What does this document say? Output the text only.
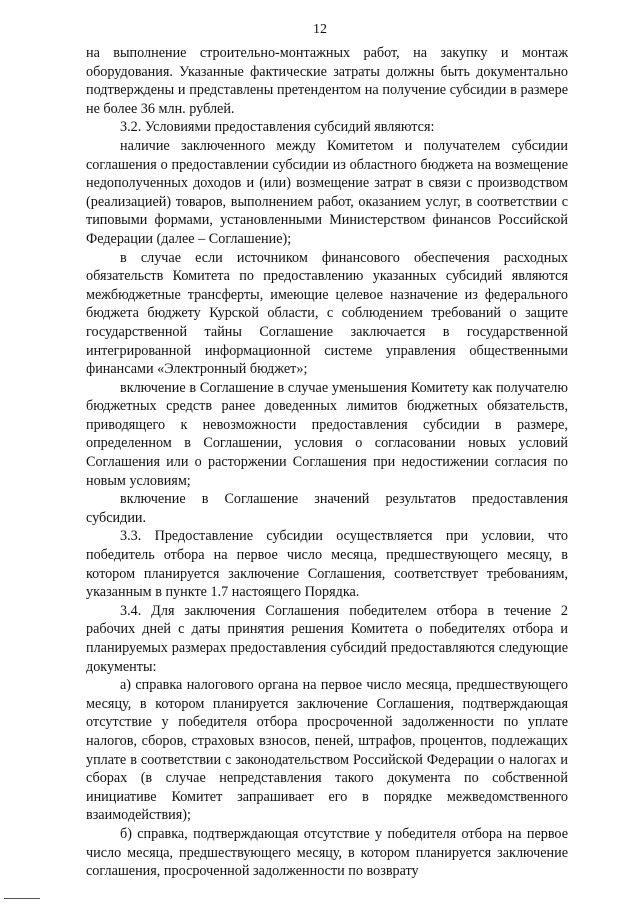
12

на выполнение строительно-монтажных работ, на закупку и монтаж оборудования. Указанные фактические затраты должны быть документально подтверждены и представлены претендентом на получение субсидии в размере не более 36 млн. рублей.

3.2. Условиями предоставления субсидий являются:

наличие заключенного между Комитетом и получателем субсидии соглашения о предоставлении субсидии из областного бюджета на возмещение недополученных доходов и (или) возмещение затрат в связи с производством (реализацией) товаров, выполнением работ, оказанием услуг, в соответствии с типовыми формами, установленными Министерством финансов Российской Федерации (далее – Соглашение);

в случае если источником финансового обеспечения расходных обязательств Комитета по предоставлению указанных субсидий являются межбюджетные трансферты, имеющие целевое назначение из федерального бюджета бюджету Курской области, с соблюдением требований о защите государственной тайны Соглашение заключается в государственной интегрированной информационной системе управления общественными финансами «Электронный бюджет»;

включение в Соглашение в случае уменьшения Комитету как получателю бюджетных средств ранее доведенных лимитов бюджетных обязательств, приводящего к невозможности предоставления субсидии в размере, определенном в Соглашении, условия о согласовании новых условий Соглашения или о расторжении Соглашения при недостижении согласия по новым условиям;

включение в Соглашение значений результатов предоставления субсидии.

3.3. Предоставление субсидии осуществляется при условии, что победитель отбора на первое число месяца, предшествующего месяцу, в котором планируется заключение Соглашения, соответствует требованиям, указанным в пункте 1.7 настоящего Порядка.

3.4. Для заключения Соглашения победителем отбора в течение 2 рабочих дней с даты принятия решения Комитета о победителях отбора и планируемых размерах предоставления субсидий предоставляются следующие документы:

а) справка налогового органа на первое число месяца, предшествующего месяцу, в котором планируется заключение Соглашения, подтверждающая отсутствие у победителя отбора просроченной задолженности по уплате налогов, сборов, страховых взносов, пеней, штрафов, процентов, подлежащих уплате в соответствии с законодательством Российской Федерации о налогах и сборах (в случае непредставления такого документа по собственной инициативе Комитет запрашивает его в порядке межведомственного взаимодействия);

б) справка, подтверждающая отсутствие у победителя отбора на первое число месяца, предшествующего месяцу, в котором планируется заключение соглашения, просроченной задолженности по возврату
